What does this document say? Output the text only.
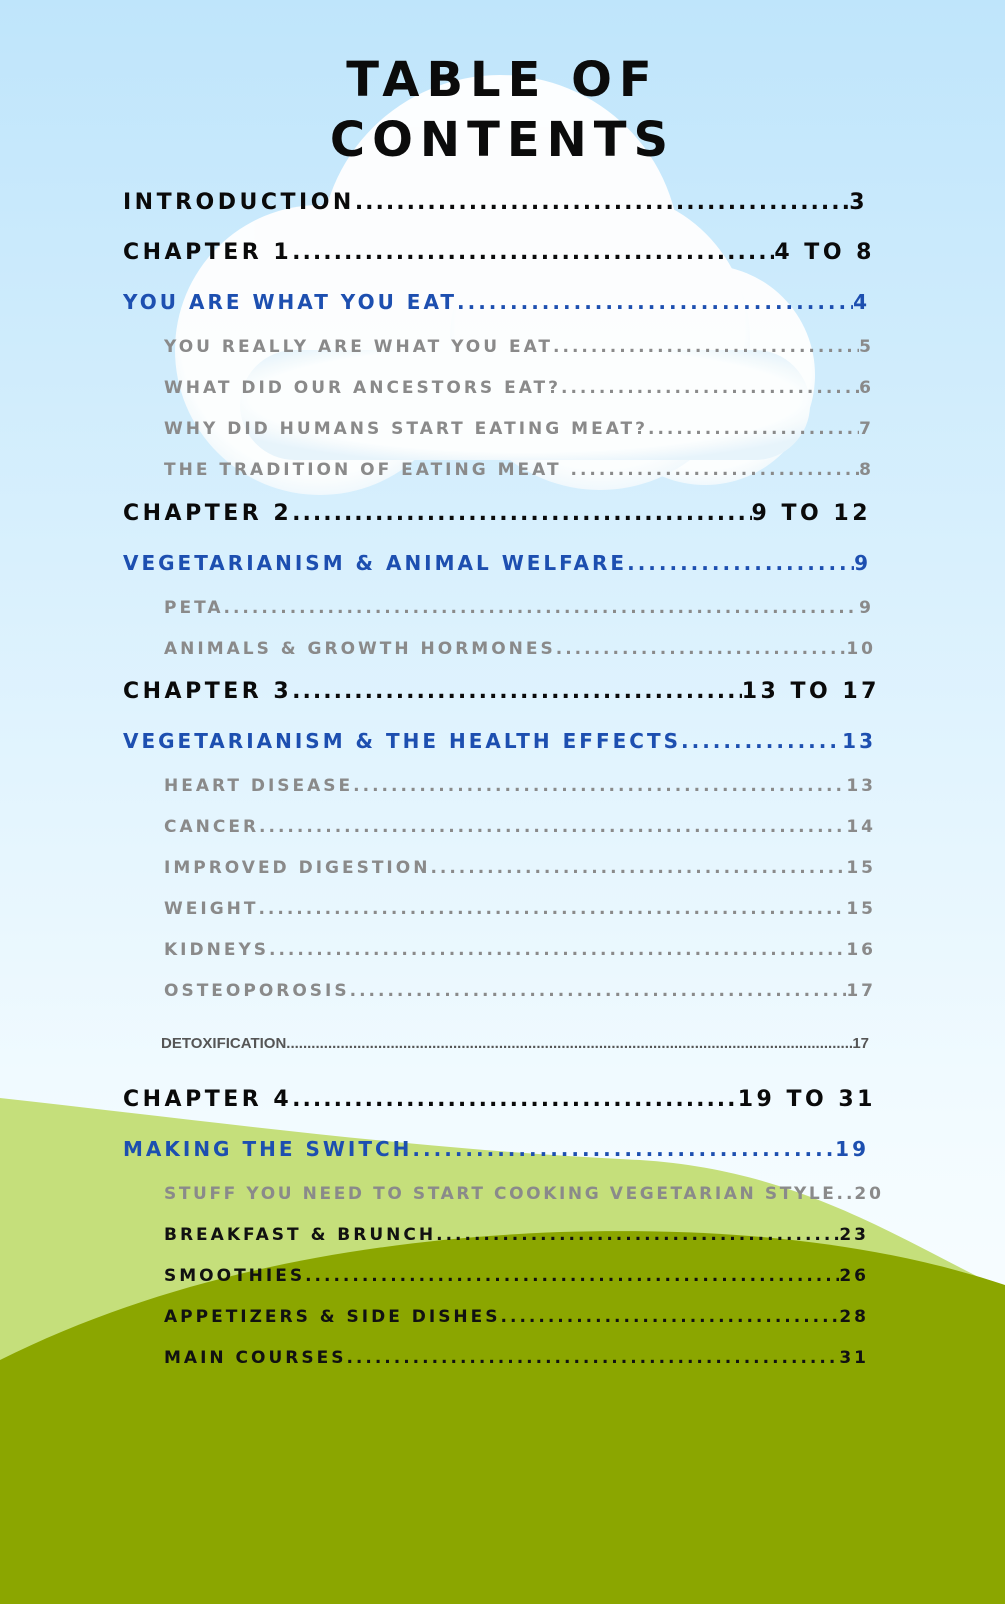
TABLE OF
CONTENTS
INTRODUCTION .....	3
CHAPTER 1 .....	4 TO 8
YOU ARE WHAT YOU EAT .....	4
YOU REALLY ARE WHAT YOU EAT .....	5
WHAT DID OUR ANCESTORS EAT? .....	6
WHY DID HUMANS START EATING MEAT? .....	7
THE TRADITION OF EATING MEAT .....	8
CHAPTER 2 .....	9 TO 12
VEGETARIANISM & ANIMAL WELFARE .....	9
PETA .....	9
ANIMALS & GROWTH HORMONES .....	10
CHAPTER 3 .....	13 TO 17
VEGETARIANISM & THE HEALTH EFFECTS .....	13
HEART DISEASE .....	13
CANCER .....	14
IMPROVED DIGESTION .....	15
WEIGHT .....	15
KIDNEYS .....	16
OSTEOPOROSIS .....	17
DETOXIFICATION .....	17
CHAPTER 4 .....	19 TO 31
MAKING THE SWITCH .....	19
STUFF YOU NEED TO START COOKING VEGETARIAN STYLE ..... 20
BREAKFAST & BRUNCH .....	23
SMOOTHIES .....	26
APPETIZERS & SIDE DISHES .....	28
MAIN COURSES .....	31
